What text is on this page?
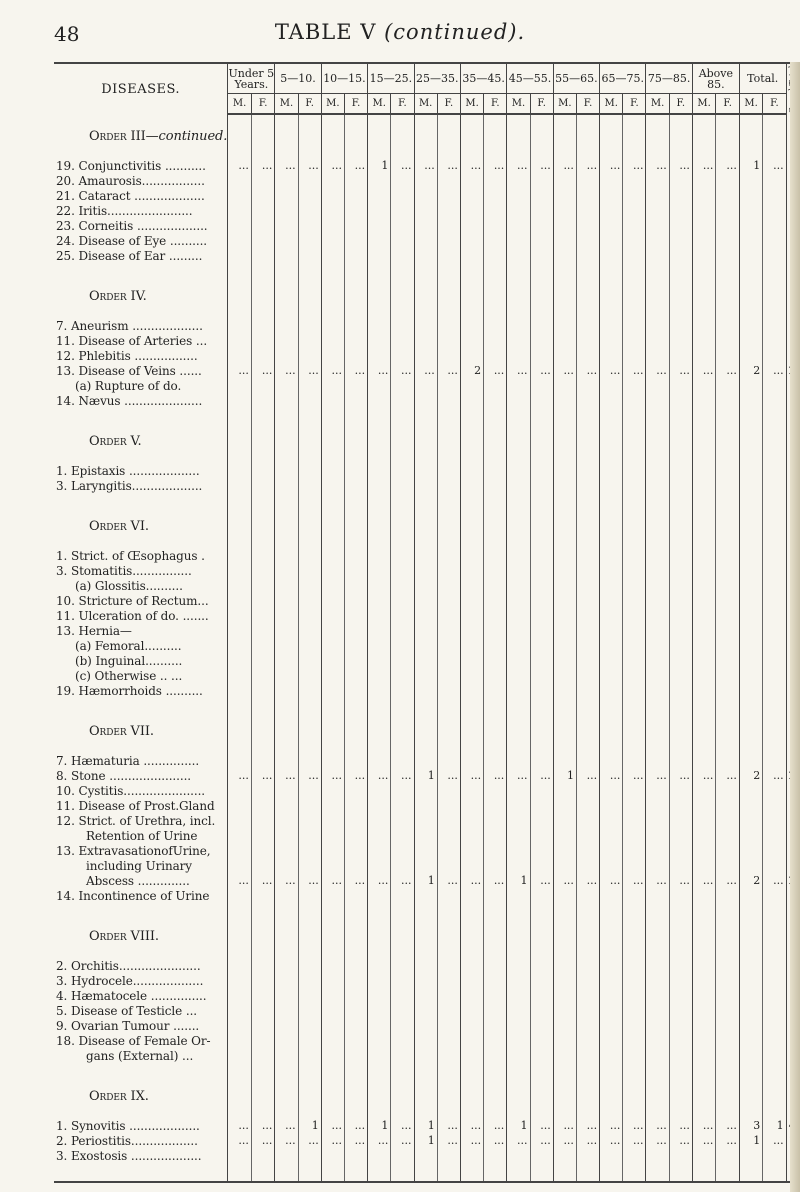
48	TABLE V (continued).
DISEASES.	Under 5 Years.		5—10.		10—15.		15—25.		25—35.		35—45.		45—55.		55—65.		65—75.		75—85.		Above 85.		Total.	
	M.	F.	M.	F.	M.	F.	M.	F.	M.	F.	M.	F.	M.	F.	M.	F.	M.	F.	M.	F.	M.	F.	M.	F.	

Order III—continued.																									

19. Conjunctivitis ...........	...	...	...	...	...	...	1	...	...	...	...	...	...	...	...	...	...	...	...	...	...	...	1	...	
20. Amaurosis.................																									
21. Cataract ...................																									
22. Iritis.......................																									
23. Corneitis ...................																									
24. Disease of Eye ..........																									
25. Disease of Ear .........																									

Order IV.																									

7. Aneurism ...................																									
11. Disease of Arteries ...																									
12. Phlebitis .................																									
13. Disease of Veins ......	...	...	...	...	...	...	...	...	...	...	2	...	...	...	...	...	...	...	...	...	...	...	2	...	
(a) Rupture of do.																									
14. Nævus .....................																									

Order V.																									

1. Epistaxis ...................																									
3. Laryngitis...................																									

Order VI.																									

1. Strict. of Œsophagus .																									
3. Stomatitis................																									
(a) Glossitis..........																									
10. Stricture of Rectum...																									
11. Ulceration of do. .......																									
13. Hernia—																									
(a) Femoral..........																									
(b) Inguinal..........																									
(c) Otherwise .. ...																									
19. Hæmorrhoids ..........																									

Order VII.																									

7. Hæmaturia ...............																									
8. Stone ......................	...	...	...	...	...	...	...	...	1	...	...	...	...	...	1	...	...	...	...	...	...	...	2	...	
10. Cystitis......................																									
11. Disease of Prost.Gland																									
12. Strict. of Urethra, incl.																									
Retention of Urine																									
13. ExtravasationofUrine,																									
including Urinary																									
Abscess ..............	...	...	...	...	...	...	...	...	1	...	...	...	1	...	...	...	...	...	...	...	...	...	2	...	
14. Incontinence of Urine																									

Order VIII.																									

2. Orchitis......................																									
3. Hydrocele...................																									
4. Hæmatocele ...............																									
5. Disease of Testicle ...																									
9. Ovarian Tumour .......																									
18. Disease of Female Or-																									
gans (External) ...																									

Order IX.																									

1. Synovitis ...................	...	...	...	1	...	...	1	...	1	...	...	...	1	...	...	...	...	...	...	...	...	...	3	1	
2. Periostitis..................	...	...	...	...	...	...	...	...	1	...	...	...	...	...	...	...	...	...	...	...	...	...	1	...	
3. Exostosis ...................																									
